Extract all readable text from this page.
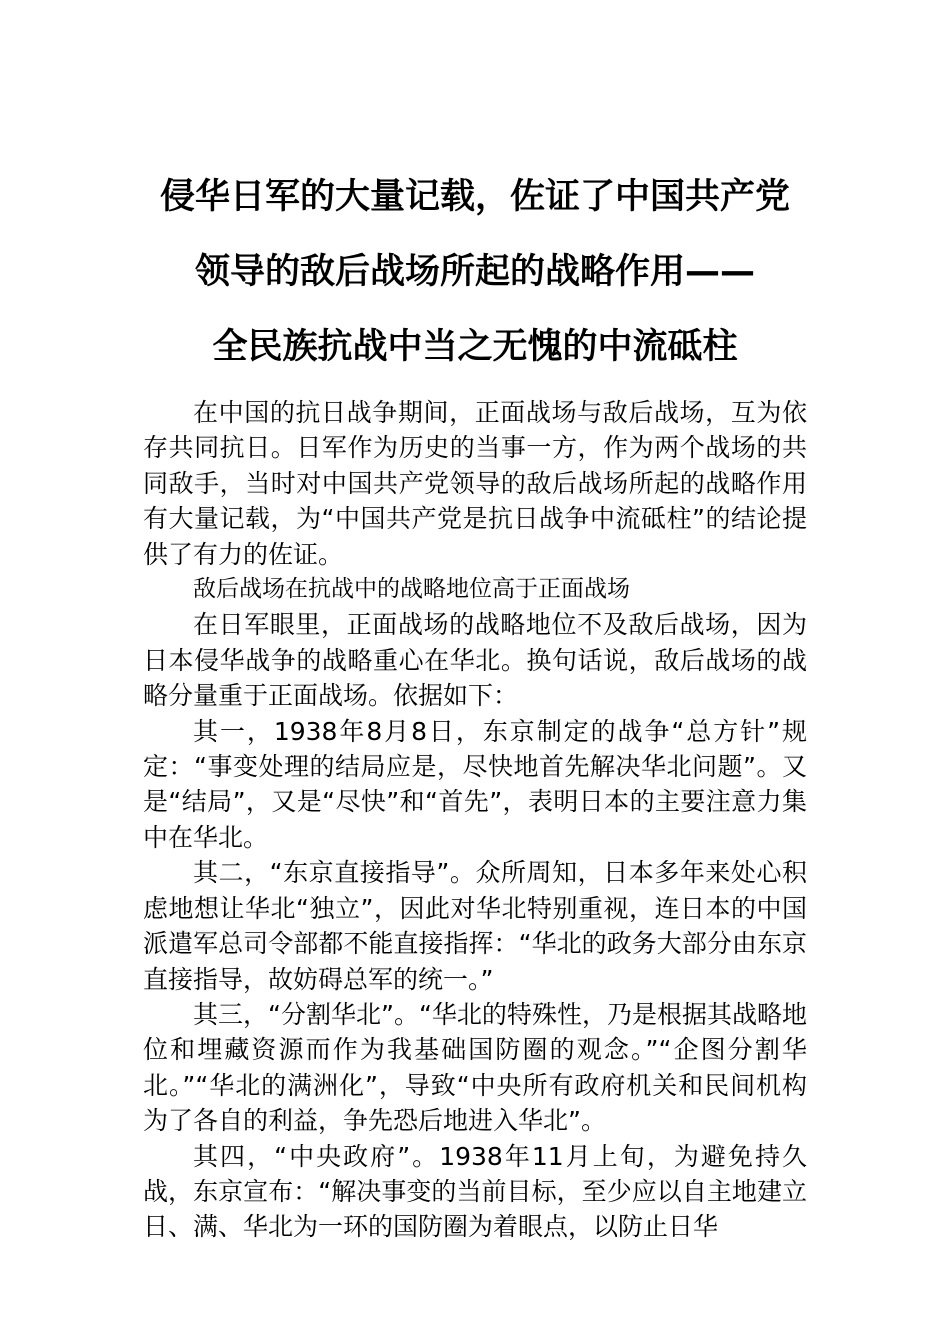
侵华日军的大量记载，佐证了中国共产党
领导的敌后战场所起的战略作用——
全民族抗战中当之无愧的中流砥柱

在中国的抗日战争期间，正面战场与敌后战场，互为依存共同抗日。日军作为历史的当事一方，作为两个战场的共同敌手，当时对中国共产党领导的敌后战场所起的战略作用有大量记载，为“中国共产党是抗日战争中流砥柱”的结论提供了有力的佐证。

敌后战场在抗战中的战略地位高于正面战场

在日军眼里，正面战场的战略地位不及敌后战场，因为日本侵华战争的战略重心在华北。换句话说，敌后战场的战略分量重于正面战场。依据如下：

其一，1938年8月8日，东京制定的战争“总方针”规定：“事变处理的结局应是，尽快地首先解决华北问题”。又是“结局”，又是“尽快”和“首先”，表明日本的主要注意力集中在华北。

其二，“东京直接指导”。众所周知，日本多年来处心积虑地想让华北“独立”，因此对华北特别重视，连日本的中国派遣军总司令部都不能直接指挥：“华北的政务大部分由东京直接指导，故妨碍总军的统一。”

其三，“分割华北”。“华北的特殊性，乃是根据其战略地位和埋藏资源而作为我基础国防圈的观念。”“企图分割华北。”“华北的满洲化”，导致“中央所有政府机关和民间机构为了各自的利益，争先恐后地进入华北”。

其四，“中央政府”。1938年11月上旬，为避免持久战，东京宣布：“解决事变的当前目标，至少应以自主地建立日、满、华北为一环的国防圈为着眼点，以防止日华
